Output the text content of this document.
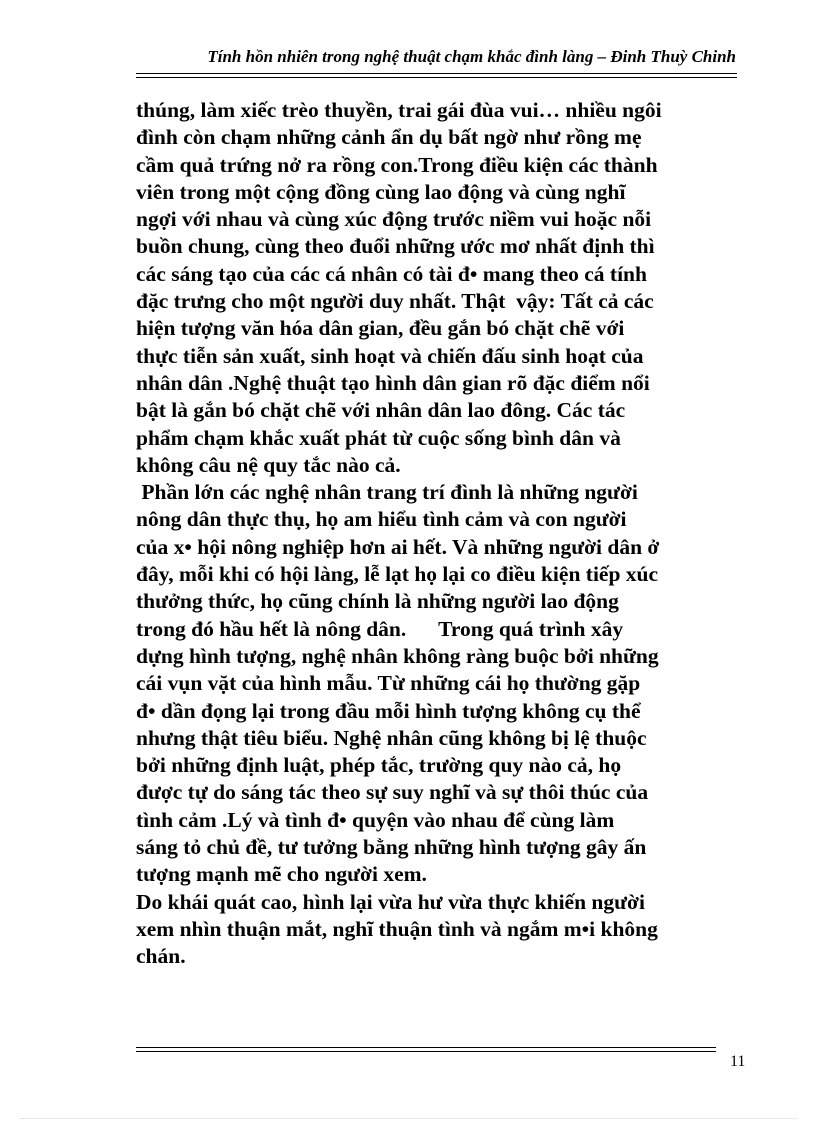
Tính hồn nhiên trong nghệ thuật chạm khắc đình làng – Đinh Thuỳ Chinh
thúng, làm xiếc trèo thuyền, trai gái đùa vui… nhiều ngôi
đình còn chạm những cảnh ẩn dụ bất ngờ như rồng mẹ
cầm quả trứng nở ra rồng con.Trong điều kiện các thành
viên trong một cộng đồng cùng lao động và cùng nghĩ
ngợi với nhau và cùng xúc động trước niềm vui hoặc nỗi
buồn chung, cùng theo đuổi những ước mơ nhất định thì
các sáng tạo của các cá nhân có tài đ• mang theo cá tính
đặc trưng cho một người duy nhất. Thật  vậy: Tất cả các
hiện tượng văn hóa dân gian, đều gắn bó chặt chẽ với
thực tiễn sản xuất, sinh hoạt và chiến đấu sinh hoạt của
nhân dân .Nghệ thuật tạo hình dân gian rõ đặc điểm nổi
bật là gắn bó chặt chẽ với nhân dân lao đông. Các tác
phẩm chạm khắc xuất phát từ cuộc sống bình dân và
không câu nệ quy tắc nào cả.
Phần lớn các nghệ nhân trang trí đình là những người
nông dân thực thụ, họ am hiểu tình cảm và con người
của x• hội nông nghiệp hơn ai hết. Và những người dân ở
đây, mỗi khi có hội làng, lễ lạt họ lại co điều kiện tiếp xúc
thưởng thức, họ cũng chính là những người lao động
trong đó hầu hết là nông dân.      Trong quá trình xây
dựng hình tượng, nghệ nhân không ràng buộc bởi những
cái vụn vặt của hình mẫu. Từ những cái họ thường gặp
đ• dần đọng lại trong đầu mỗi hình tượng không cụ thể
nhưng thật tiêu biểu. Nghệ nhân cũng không bị lệ thuộc
bởi những định luật, phép tắc, trường quy nào cả, họ
được tự do sáng tác theo sự suy nghĩ và sự thôi thúc của
tình cảm .Lý và tình đ• quyện vào nhau để cùng làm
sáng tỏ chủ đề, tư tưởng bằng những hình tượng gây ấn
tượng mạnh mẽ cho người xem.
Do khái quát cao, hình lại vừa hư vừa thực khiến người
xem nhìn thuận mắt, nghĩ thuận tình và ngắm m•i không
chán.
11
